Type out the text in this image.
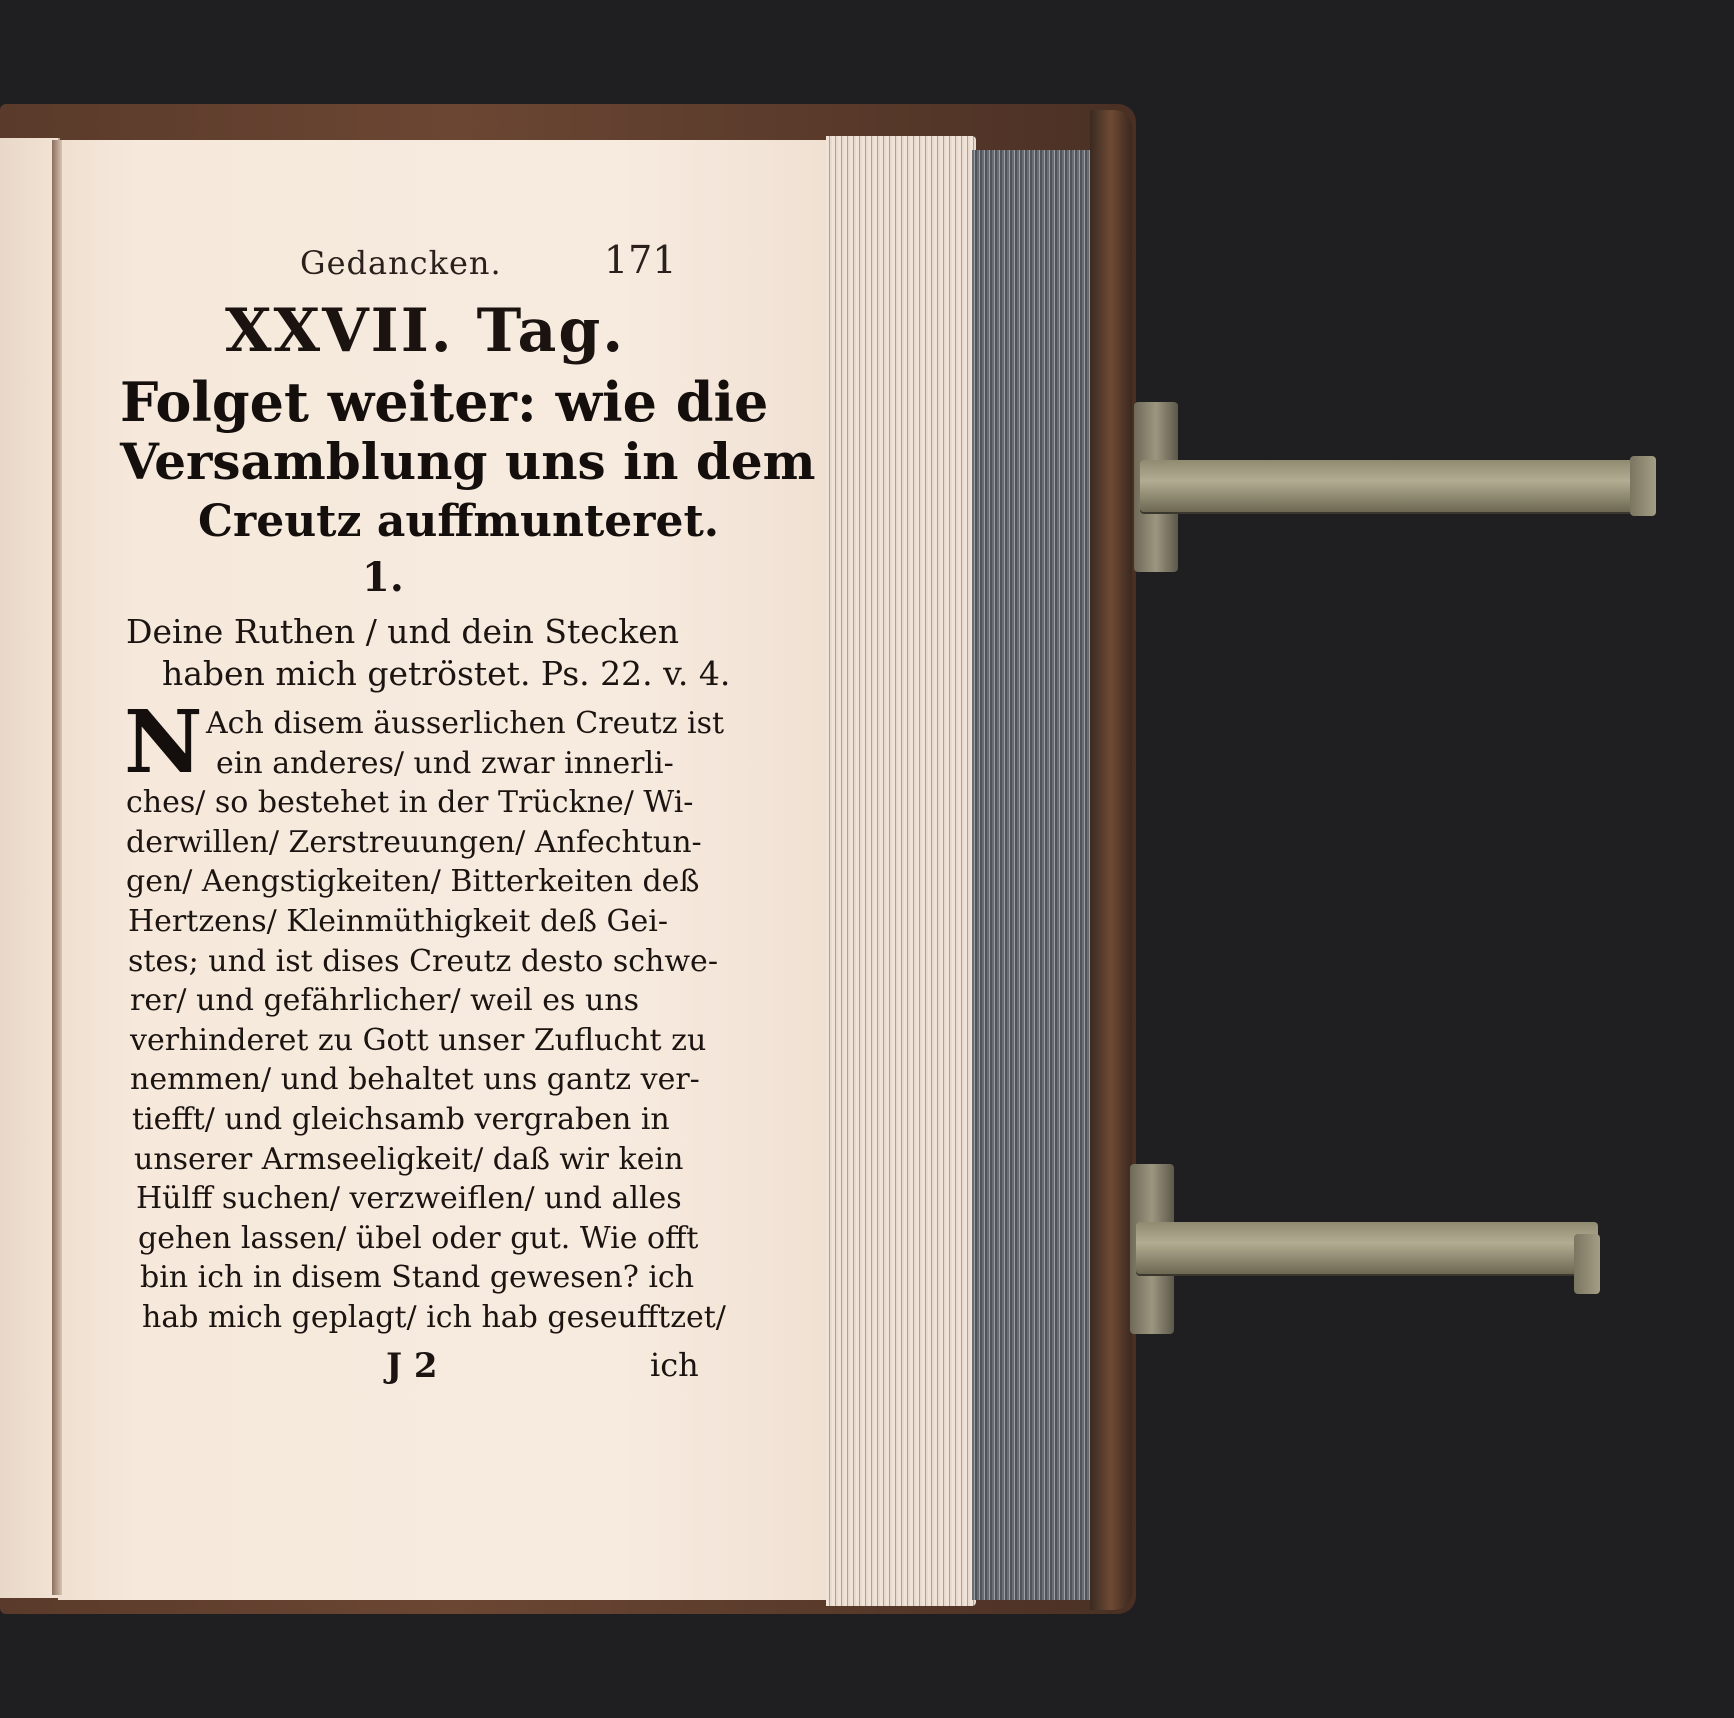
Gedancken.	171
XXVII. Tag.
Folget weiter: wie die
Versamblung uns in dem
Creutz auffmunteret.
1.
Deine Ruthen / und dein Stecken
haben mich getröstet. Ps. 22. v. 4.
N Ach disem äusserlichen Creutz ist
ein anderes/ und zwar innerli-
ches/ so bestehet in der Trückne/ Wi-
derwillen/ Zerstreuungen/ Anfechtun-
gen/ Aengstigkeiten/ Bitterkeiten deß
Hertzens/ Kleinmüthigkeit deß Gei-
stes; und ist dises Creutz desto schwe-
rer/ und gefährlicher/ weil es uns
verhinderet zu Gott unser Zuflucht zu
nemmen/ und behaltet uns gantz ver-
tiefft/ und gleichsamb vergraben in
unserer Armseeligkeit/ daß wir kein
Hülff suchen/ verzweiflen/ und alles
gehen lassen/ übel oder gut. Wie offt
bin ich in disem Stand gewesen? ich
hab mich geplagt/ ich hab geseufftzet/
J 2	ich
